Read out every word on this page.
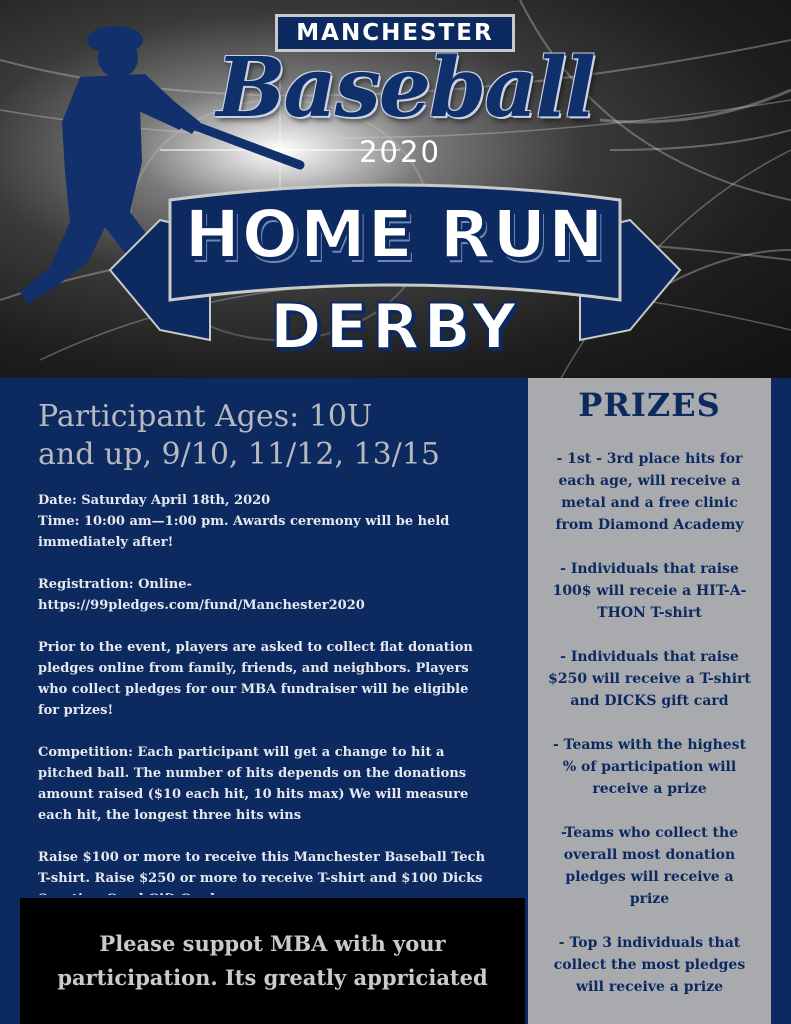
MANCHESTER
Baseball
2020
HOME RUN
DERBY
Participant Ages: 10U
and up, 9/10, 11/12, 13/15

Date: Saturday April 18th, 2020

Time: 10:00 am—1:00 pm. Awards ceremony will be held immediately after!

Registration: Online-

https://99pledges.com/fund/Manchester2020

Prior to the event, players are asked to collect flat donation pledges online from family, friends, and neighbors. Players who collect pledges for our MBA fundraiser will be eligible for prizes!

Competition: Each participant will get a change to hit a pitched ball. The number of hits depends on the donations amount raised ($10 each hit, 10 hits max) We will measure each hit, the longest three hits wins

Raise $100 or more to receive this Manchester Baseball Tech T-shirt. Raise $250 or more to receive T-shirt and $100 Dicks

PRIZES
- 1st - 3rd place hits for each age, will receive a metal and a free clinic from Diamond Academy
- Individuals that raise 100$ will receie a HIT-A-THON T-shirt
- Individuals that raise $250 will receive a T-shirt and DICKS gift card
- Teams with the highest % of participation will receive a prize
-Teams who collect the overall most donation pledges will receive a prize
- Top 3 individuals that collect the most pledges will receive a prize
Please suppot MBA with your participation. Its greatly appriciated
